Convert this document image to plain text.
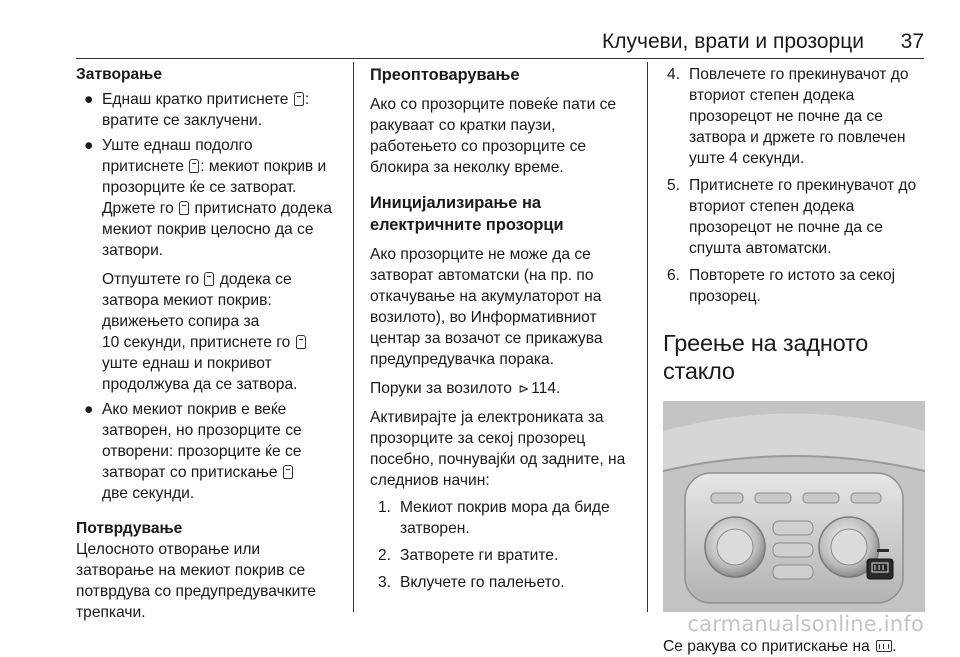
Клучеви, врати и прозорци 37
Затворање
● Еднаш кратко притиснете :
вратите се заклучени.
● Уште еднаш подолго
притиснете : мекиот покрив и
прозорците ќе се затворат.
Држете го  притиснато додека
мекиот покрив целосно да се
затвори.
Отпуштете го  додека се
затвора мекиот покрив:
движењето сопира за
10 секунди, притиснете го
уште еднаш и покривот
продолжува да се затвора.
● Ако мекиот покрив е веќе
затворен, но прозорците се
отворени: прозорците ќе се
затворат со притискање
две секунди.
Потврдување
Целосното отворање или
затворање на мекиот покрив се
потврдува со предупредувачките
трепкачи.
Преоптоварување
Ако со прозорците повеќе пати се
ракуваат со кратки паузи,
работењето со прозорците се
блокира за неколку време.
Иницијализирање на
електричните прозорци
Ако прозорците не може да се
затворат автоматски (на пр. по
откачување на акумулаторот на
возилото), во Информативниот
центар за возачот се прикажува
предупредувачка порака.
Поруки за возилото ⊳ 114.
Активирајте ја електрониката за
прозорците за секој прозорец
посебно, почнувајќи од задните, на
следниов начин:
1. Мекиот покрив мора да биде
затворен.
2. Затворете ги вратите.
3. Вклучете го палењето.
4. Повлечете го прекинувачот до
вториот степен додека
прозорецот не почне да се
затвора и држете го повлечен
уште 4 секунди.
5. Притиснете го прекинувачот до
вториот степен додека
прозорецот не почне да се
спушта автоматски.
6. Повторете го истото за секој
прозорец.
Греење на задното стакло
Се ракува со притискање на .
carmanualsonline.info
